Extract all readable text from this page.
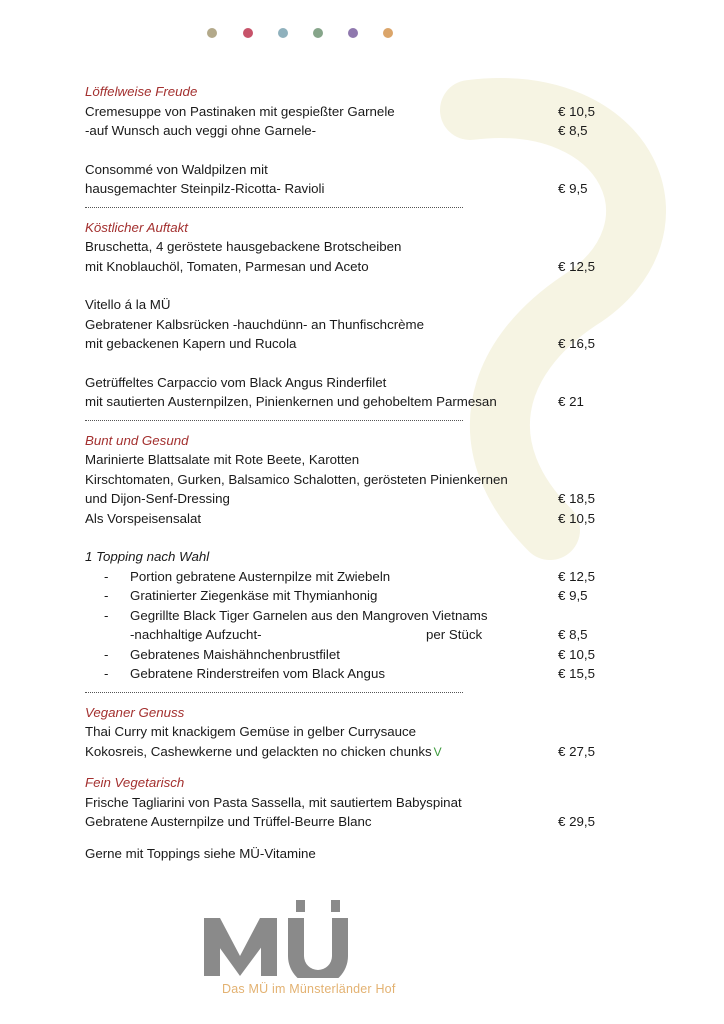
Löffelweise Freude
Cremesuppe von Pastinaken mit gespießter Garnele	€ 10,5
-auf Wunsch auch veggi ohne Garnele-	€ 8,5
Consommé von Waldpilzen mit
hausgemachter Steinpilz-Ricotta- Ravioli	€ 9,5
Köstlicher Auftakt
Bruschetta, 4 geröstete hausgebackene Brotscheiben
mit Knoblauchöl, Tomaten, Parmesan und Aceto	€ 12,5
Vitello á la MÜ
Gebratener Kalbsrücken -hauchdünn- an Thunfischcrème
mit gebackenen Kapern und Rucola	€ 16,5
Getrüffeltes Carpaccio vom Black Angus Rinderfilet
mit sautierten Austernpilzen, Pinienkernen und gehobeltem Parmesan	€ 21
Bunt und Gesund
Marinierte Blattsalate mit Rote Beete, Karotten
Kirschtomaten, Gurken, Balsamico Schalotten, gerösteten Pinienkernen
und Dijon-Senf-Dressing	€ 18,5
Als Vorspeisensalat	€ 10,5
1 Topping nach Wahl
- Portion gebratene Austernpilze mit Zwiebeln	€ 12,5
- Gratinierter Ziegenkäse mit Thymianhonig	€ 9,5
- Gegrillte Black Tiger Garnelen aus den Mangroven Vietnams
-nachhaltige Aufzucht-	per Stück	€ 8,5
- Gebratenes Maishähnchenbrustfilet	€ 10,5
- Gebratene Rinderstreifen vom Black Angus	€ 15,5
Veganer Genuss
Thai Curry mit knackigem Gemüse in gelber Currysauce
Kokosreis, Cashewkerne und gelackten no chicken chunks V	€ 27,5
Fein Vegetarisch
Frische Tagliarini von Pasta Sassella, mit sautiertem Babyspinat
Gebratene Austernpilze und Trüffel-Beurre Blanc	€ 29,5
Gerne mit Toppings siehe MÜ-Vitamine
Das MÜ im Münsterländer Hof
